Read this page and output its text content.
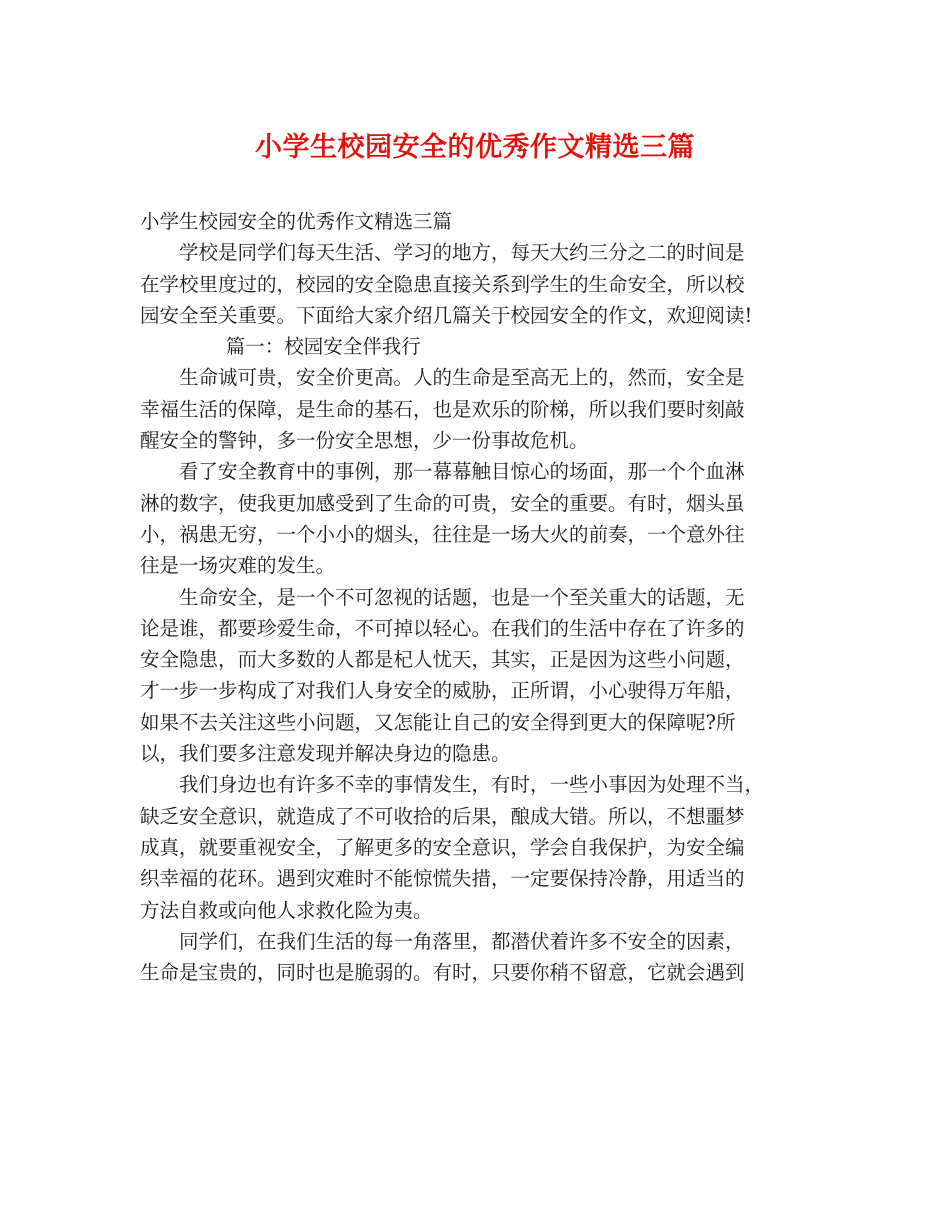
小学生校园安全的优秀作文精选三篇

小学生校园安全的优秀作文精选三篇

学校是同学们每天生活、学习的地方，每天大约三分之二的时间是
在学校里度过的，校园的安全隐患直接关系到学生的生命安全，所以校
园安全至关重要。下面给大家介绍几篇关于校园安全的作文，欢迎阅读!

篇一：校园安全伴我行

生命诚可贵，安全价更高。人的生命是至高无上的，然而，安全是
幸福生活的保障，是生命的基石，也是欢乐的阶梯，所以我们要时刻敲
醒安全的警钟，多一份安全思想，少一份事故危机。

看了安全教育中的事例，那一幕幕触目惊心的场面，那一个个血淋
淋的数字，使我更加感受到了生命的可贵，安全的重要。有时，烟头虽
小，祸患无穷，一个小小的烟头，往往是一场大火的前奏，一个意外往
往是一场灾难的发生。

生命安全，是一个不可忽视的话题，也是一个至关重大的话题，无
论是谁，都要珍爱生命，不可掉以轻心。在我们的生活中存在了许多的
安全隐患，而大多数的人都是杞人忧天，其实，正是因为这些小问题，
才一步一步构成了对我们人身安全的威胁，正所谓，小心驶得万年船，
如果不去关注这些小问题，又怎能让自己的安全得到更大的保障呢?所
以，我们要多注意发现并解决身边的隐患。

我们身边也有许多不幸的事情发生，有时，一些小事因为处理不当，
缺乏安全意识，就造成了不可收拾的后果，酿成大错。所以，不想噩梦
成真，就要重视安全，了解更多的安全意识，学会自我保护，为安全编
织幸福的花环。遇到灾难时不能惊慌失措，一定要保持冷静，用适当的
方法自救或向他人求救化险为夷。

同学们，在我们生活的每一角落里，都潜伏着许多不安全的因素，
生命是宝贵的，同时也是脆弱的。有时，只要你稍不留意，它就会遇到
